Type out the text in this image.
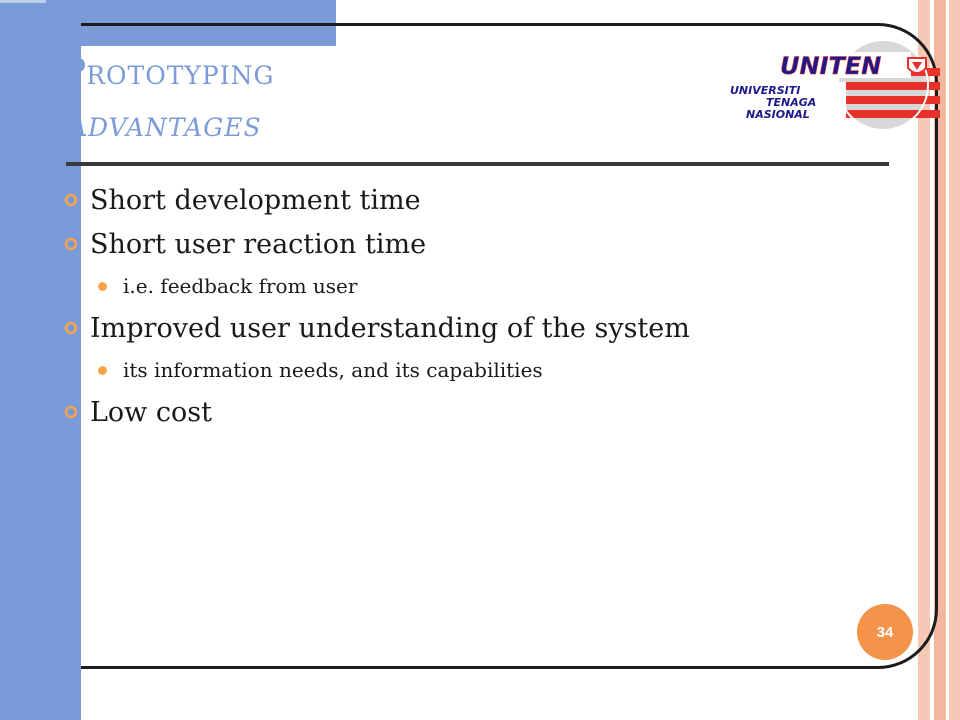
PROTOTYPING
ADVANTAGES
UNITEN
UNIVERSITI
TENAGA
NASIONAL
Short development time
Short user reaction time
i.e. feedback from user
Improved user understanding of the system
its information needs, and its capabilities
Low cost
34
